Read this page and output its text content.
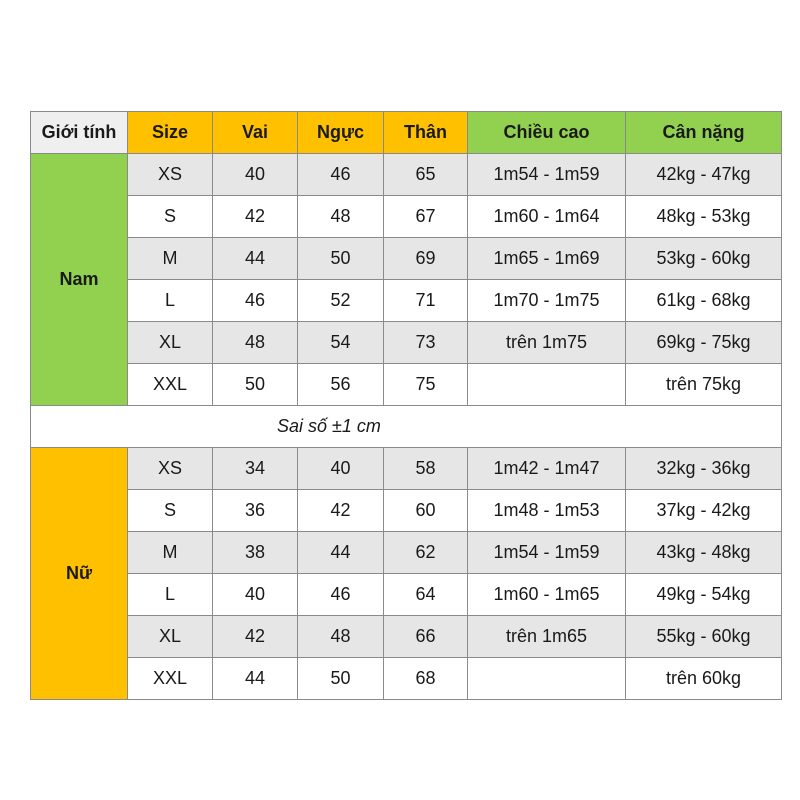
Giới tính	Size	Vai	Ngực	Thân	Chiều cao	Cân nặng
Nam	XS	40	46	65	1m54 - 1m59	42kg - 47kg
	S	42	48	67	1m60 - 1m64	48kg - 53kg
	M	44	50	69	1m65 - 1m69	53kg - 60kg
	L	46	52	71	1m70 - 1m75	61kg - 68kg
	XL	48	54	73	trên 1m75	69kg - 75kg
	XXL	50	56	75		trên 75kg
Sai số ±1 cm						
Nữ	XS	34	40	58	1m42 - 1m47	32kg - 36kg
	S	36	42	60	1m48 - 1m53	37kg - 42kg
	M	38	44	62	1m54 - 1m59	43kg - 48kg
	L	40	46	64	1m60 - 1m65	49kg - 54kg
	XL	42	48	66	trên 1m65	55kg - 60kg
	XXL	44	50	68		trên 60kg
